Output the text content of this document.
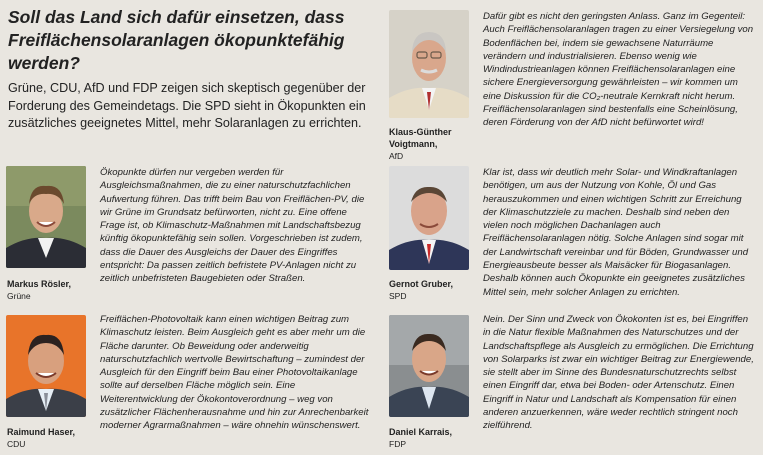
Soll das Land sich dafür einsetzen, dass Freiflächensolaranlagen ökopunktefähig werden?
Grüne, CDU, AfD und FDP zeigen sich skeptisch gegenüber der Forderung des Gemeindetags. Die SPD sieht in Ökopunkten ein zusätzliches geeignetes Mittel, mehr Solaranlagen zu errichten.
Markus Rösler,
Grüne

Ökopunkte dürfen nur vergeben werden für Ausgleichsmaßnahmen, die zu einer naturschutzfachlichen Aufwertung führen. Das trifft beim Bau von Freiflächen-PV, die wir Grüne im Grundsatz befürworten, nicht zu. Eine offene Frage ist, ob Klimaschutz-Maßnahmen mit Landschaftsbezug künftig ökopunktefähig sein sollen. Vorgeschrieben ist zudem, dass die Dauer des Ausgleichs der Dauer des Eingriffes entspricht: Da passen zeitlich befristete PV-Anlagen nicht zu zeitlich unbefristeten Baugebieten oder Straßen.

Raimund Haser,
CDU

Freiflächen-Photovoltaik kann einen wichtigen Beitrag zum Klimaschutz leisten. Beim Ausgleich geht es aber mehr um die Fläche darunter. Ob Beweidung oder anderweitig naturschutzfachlich wertvolle Bewirtschaftung – zumindest der Ausgleich für den Eingriff beim Bau einer Photovoltaikanlage sollte auf derselben Fläche möglich sein. Eine Weiterentwicklung der Ökokontoverordnung – weg von zusätzlicher Flächenherausnahme und hin zur Anrechenbarkeit moderner Agrarmaßnahmen – wäre ohnehin wünschenswert.

Klaus-Günther Voigtmann,
AfD

Dafür gibt es nicht den geringsten Anlass. Ganz im Gegenteil: Auch Freiflächensolaranlagen tragen zu einer Versiegelung von Bodenflächen bei, indem sie gewachsene Naturräume verändern und industrialisieren. Ebenso wenig wie Windindustrieanlagen können Freiflächensolaranlagen eine sichere Energieversorgung gewährleisten – wir kommen um eine Diskussion für die CO₂-neutrale Kernkraft nicht herum. Freiflächensolaranlagen sind bestenfalls eine Scheinlösung, deren Förderung von der AfD nicht befürwortet wird!

Gernot Gruber,
SPD

Klar ist, dass wir deutlich mehr Solar- und Windkraftanlagen benötigen, um aus der Nutzung von Kohle, Öl und Gas herauszukommen und einen wichtigen Schritt zur Erreichung der Klimaschutzziele zu machen. Deshalb sind neben den vielen noch möglichen Dachanlagen auch Freiflächensolaranlagen nötig. Solche Anlagen sind sogar mit der Landwirtschaft vereinbar und für Böden, Grundwasser und Energieausbeute besser als Maisäcker für Biogasanlagen. Deshalb können auch Ökopunkte ein geeignetes zusätzliches Mittel sein, mehr solcher Anlagen zu errichten.

Daniel Karrais,
FDP

Nein. Der Sinn und Zweck von Ökokonten ist es, bei Eingriffen in die Natur flexible Maßnahmen des Naturschutzes und der Landschaftspflege als Ausgleich zu ermöglichen. Die Errichtung von Solarparks ist zwar ein wichtiger Beitrag zur Energiewende, sie stellt aber im Sinne des Bundesnaturschutzrechts selbst einen Eingriff dar, etwa bei Boden- oder Artenschutz. Einen Eingriff in Natur und Landschaft als Kompensation für einen anderen anzuerkennen, wäre weder rechtlich stringent noch zielführend.
